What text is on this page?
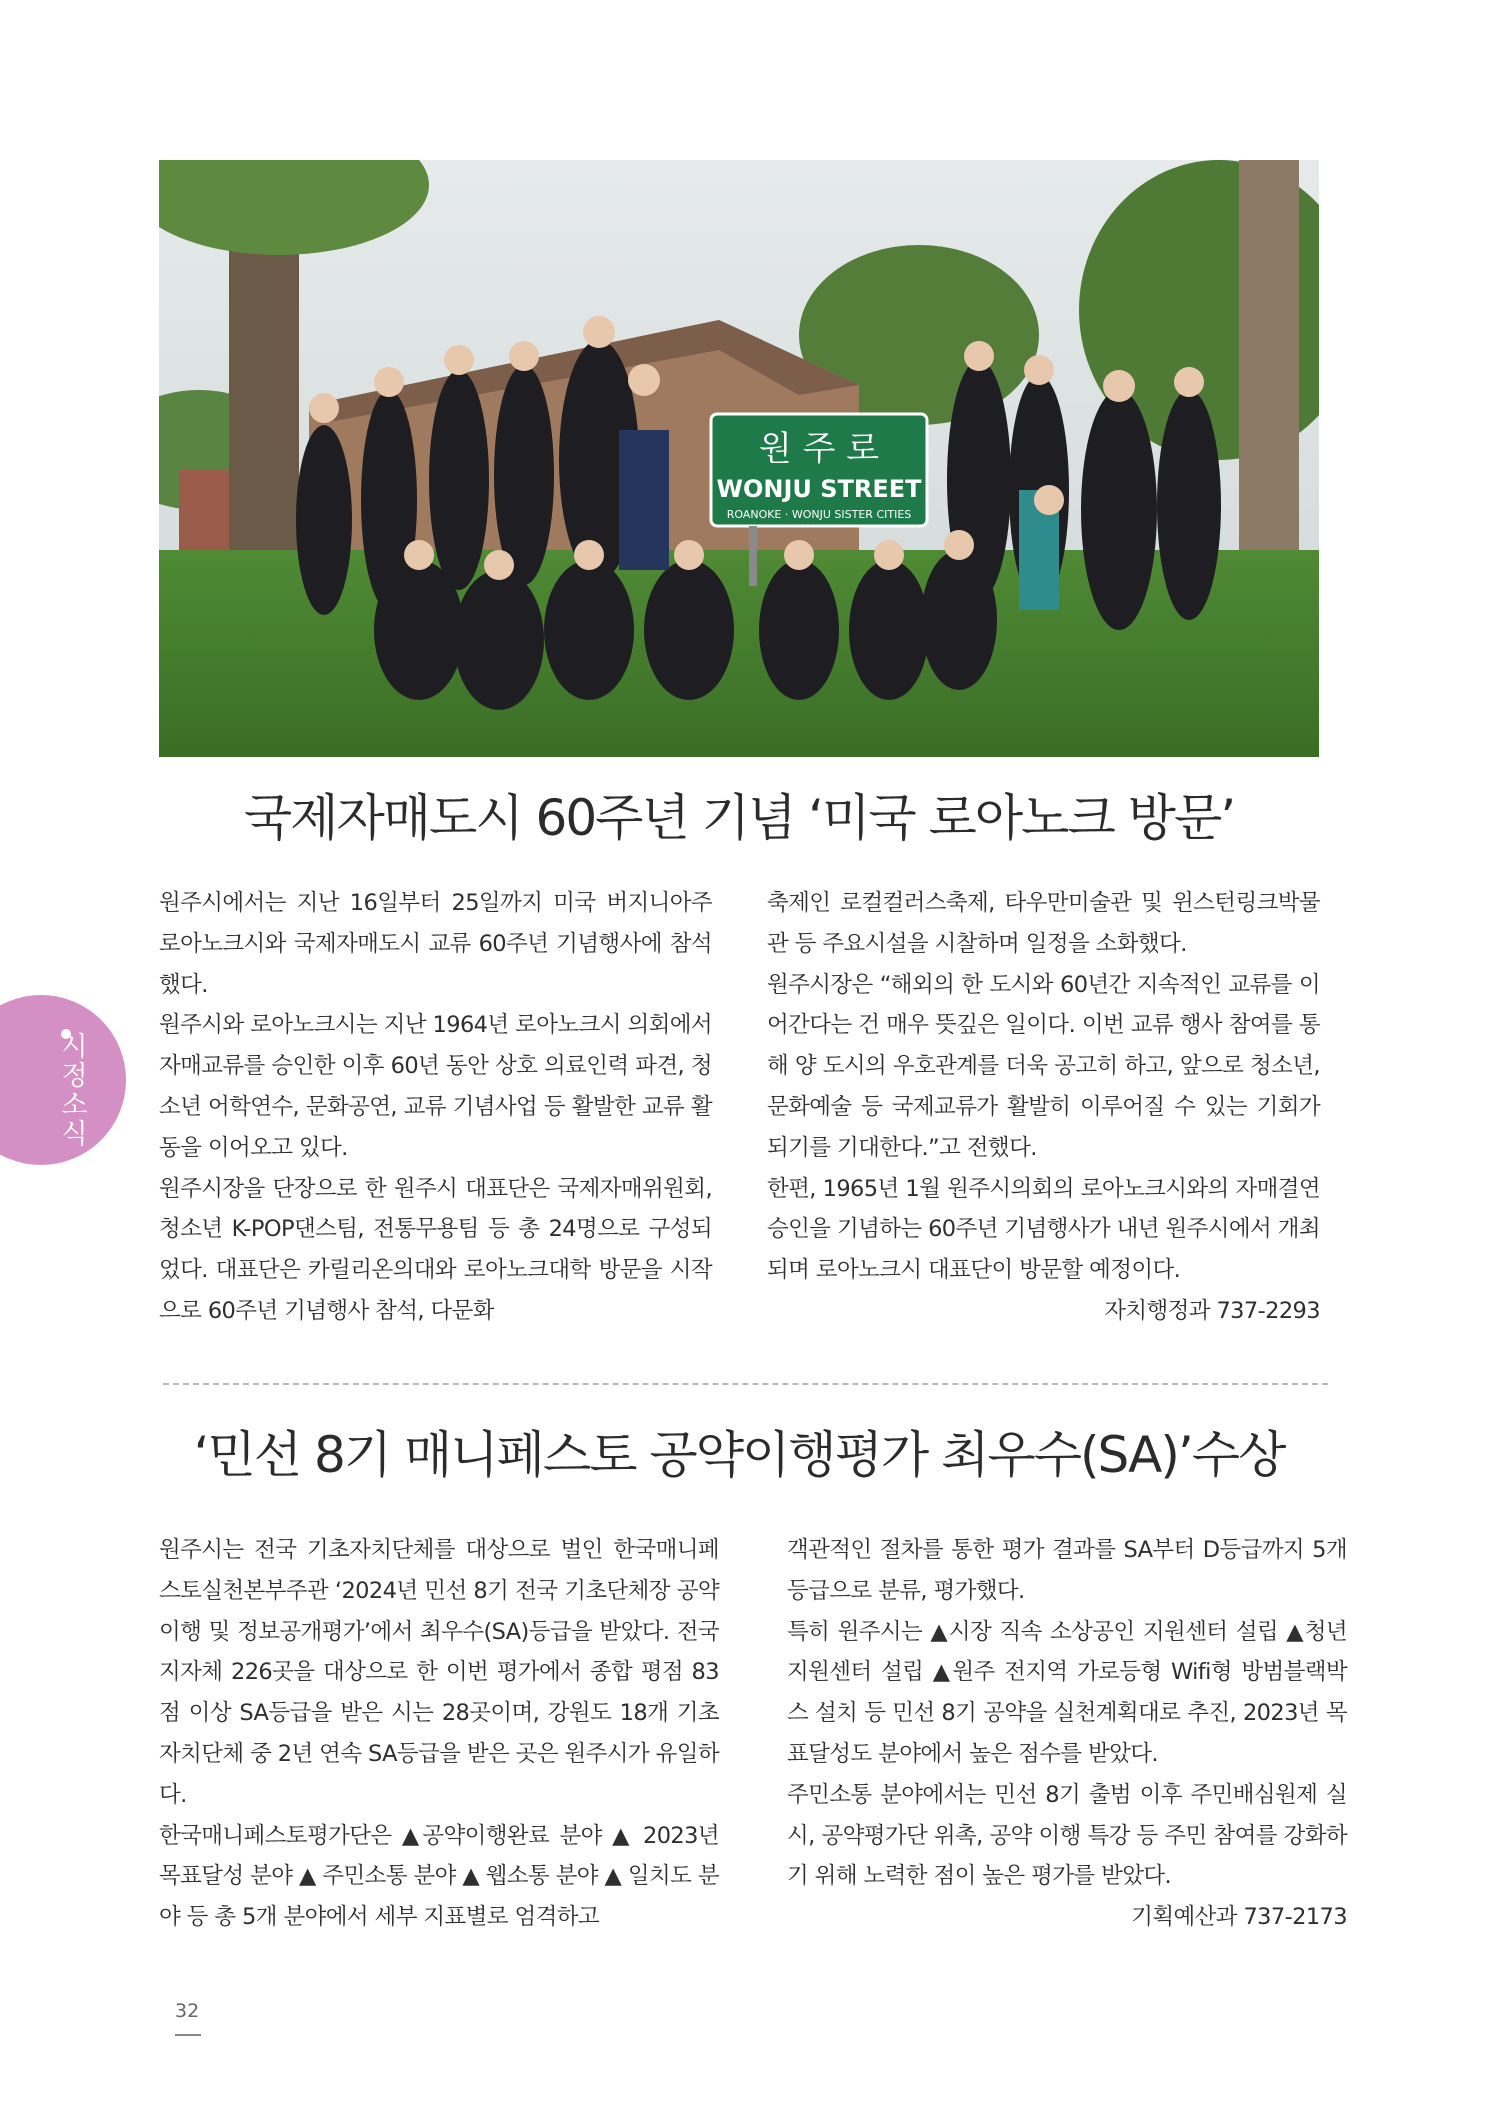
원 주 로
WONJU STREET
ROANOKE · WONJU SISTER CITIES
국제자매도시 60주년 기념 ‘미국 로아노크 방문’

원주시에서는 지난 16일부터 25일까지 미국 버지니아주 로아노크시와 국제자매도시 교류 60주년 기념행사에 참석했다.

원주시와 로아노크시는 지난 1964년 로아노크시 의회에서 자매교류를 승인한 이후 60년 동안 상호 의료인력 파견, 청소년 어학연수, 문화공연, 교류 기념사업 등 활발한 교류 활동을 이어오고 있다.

원주시장을 단장으로 한 원주시 대표단은 국제자매위원회, 청소년 K-POP댄스팀, 전통무용팀 등 총 24명으로 구성되었다. 대표단은 카릴리온의대와 로아노크대학 방문을 시작으로 60주년 기념행사 참석, 다문화

축제인 로컬컬러스축제, 타우만미술관 및 윈스턴링크박물관 등 주요시설을 시찰하며 일정을 소화했다.

원주시장은 “해외의 한 도시와 60년간 지속적인 교류를 이어간다는 건 매우 뜻깊은 일이다. 이번 교류 행사 참여를 통해 양 도시의 우호관계를 더욱 공고히 하고, 앞으로 청소년, 문화예술 등 국제교류가 활발히 이루어질 수 있는 기회가 되기를 기대한다.”고 전했다.

한편, 1965년 1월 원주시의회의 로아노크시와의 자매결연 승인을 기념하는 60주년 기념행사가 내년 원주시에서 개최되며 로아노크시 대표단이 방문할 예정이다.

자치행정과 737-2293

‘민선 8기 매니페스토 공약이행평가 최우수(SA)’수상

원주시는 전국 기초자치단체를 대상으로 벌인 한국매니페스토실천본부주관 ‘2024년 민선 8기 전국 기초단체장 공약이행 및 정보공개평가’에서 최우수(SA)등급을 받았다. 전국 지자체 226곳을 대상으로 한 이번 평가에서 종합 평점 83점 이상 SA등급을 받은 시는 28곳이며, 강원도 18개 기초자치단체 중 2년 연속 SA등급을 받은 곳은 원주시가 유일하다.

한국매니페스토평가단은 ▲공약이행완료 분야 ▲ 2023년 목표달성 분야 ▲ 주민소통 분야 ▲ 웹소통 분야 ▲ 일치도 분야 등 총 5개 분야에서 세부 지표별로 엄격하고

객관적인 절차를 통한 평가 결과를 SA부터 D등급까지 5개 등급으로 분류, 평가했다.

특히 원주시는 ▲시장 직속 소상공인 지원센터 설립 ▲청년지원센터 설립 ▲원주 전지역 가로등형 Wifi형 방범블랙박스 설치 등 민선 8기 공약을 실천계획대로 추진, 2023년 목표달성도 분야에서 높은 점수를 받았다.

주민소통 분야에서는 민선 8기 출범 이후 주민배심원제 실시, 공약평가단 위촉, 공약 이행 특강 등 주민 참여를 강화하기 위해 노력한 점이 높은 평가를 받았다.

기획예산과 737-2173

시정소식
32
